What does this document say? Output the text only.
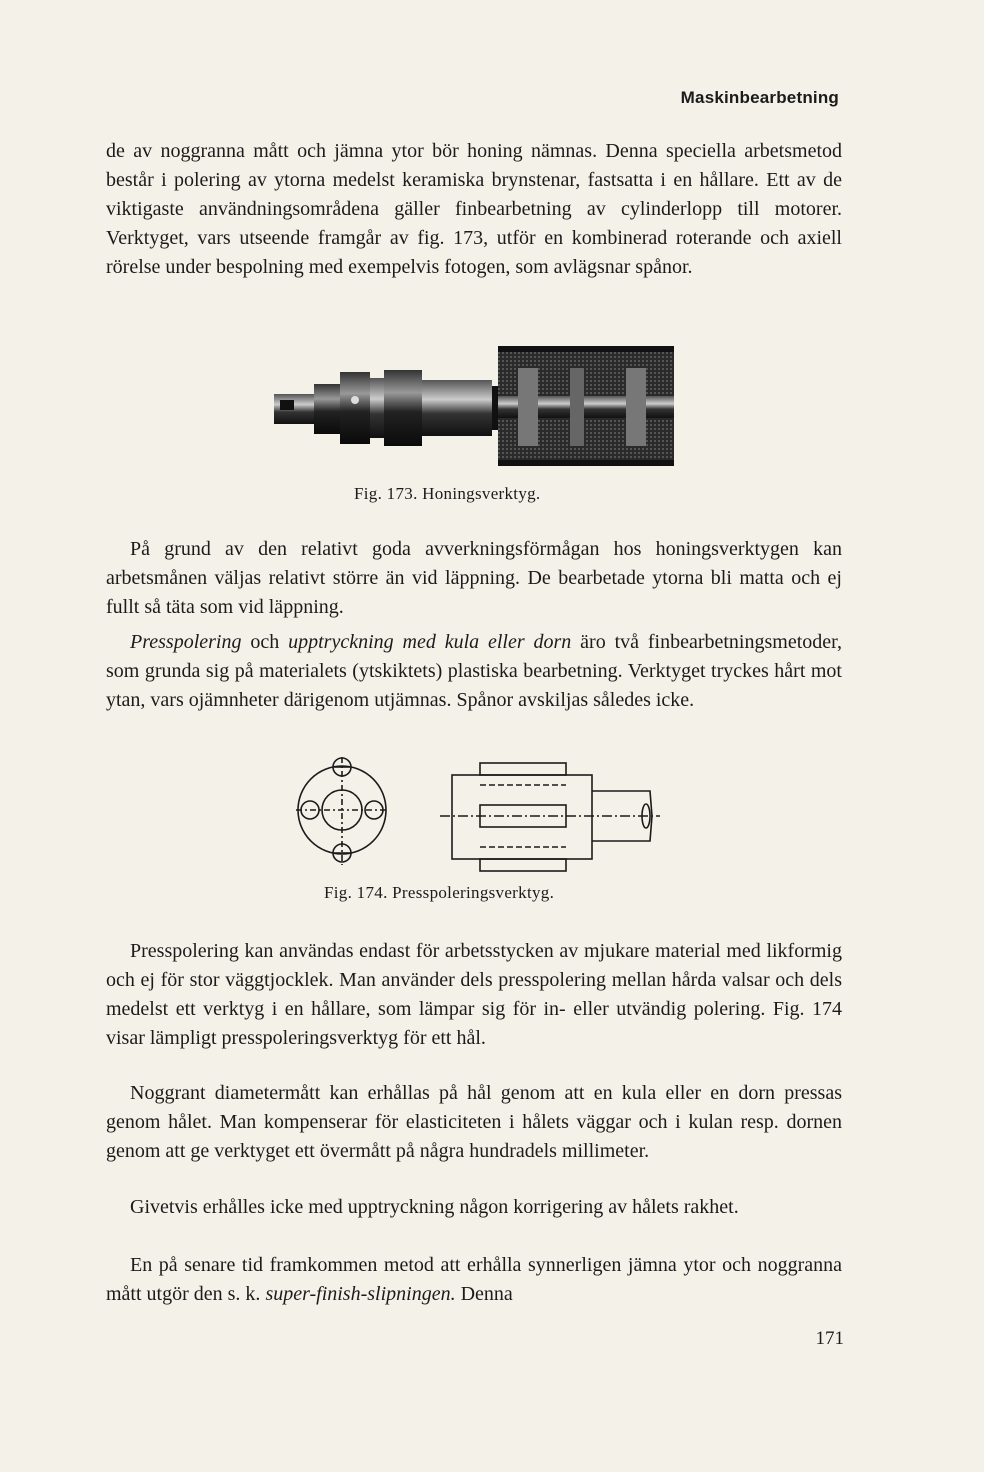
Maskinbearbetning

de av noggranna mått och jämna ytor bör honing nämnas. Denna speciella arbetsmetod består i polering av ytorna medelst keramiska brynstenar, fastsatta i en hållare. Ett av de viktigaste användningsområdena gäller finbearbetning av cylinderlopp till motorer. Verktyget, vars utseende framgår av fig. 173, utför en kombinerad roterande och axiell rörelse under bespolning med exempelvis fotogen, som avlägsnar spånor.

Fig. 173. Honingsverktyg.

På grund av den relativt goda avverkningsförmågan hos honingsverktygen kan arbetsmånen väljas relativt större än vid läppning. De bearbetade ytorna bli matta och ej fullt så täta som vid läppning.

Presspolering och upptryckning med kula eller dorn äro två finbearbetningsmetoder, som grunda sig på materialets (ytskiktets) plastiska bearbetning. Verktyget tryckes hårt mot ytan, vars ojämnheter därigenom utjämnas. Spånor avskiljas således icke.

Fig. 174. Presspoleringsverktyg.

Presspolering kan användas endast för arbetsstycken av mjukare material med likformig och ej för stor väggtjocklek. Man använder dels presspolering mellan hårda valsar och dels medelst ett verktyg i en hållare, som lämpar sig för in- eller utvändig polering. Fig. 174 visar lämpligt presspoleringsverktyg för ett hål.

Noggrant diametermått kan erhållas på hål genom att en kula eller en dorn pressas genom hålet. Man kompenserar för elasticiteten i hålets väggar och i kulan resp. dornen genom att ge verktyget ett övermått på några hundradels millimeter.

Givetvis erhålles icke med upptryckning någon korrigering av hålets rakhet.

En på senare tid framkommen metod att erhålla synnerligen jämna ytor och noggranna mått utgör den s. k. super-finish-slipningen. Denna

171
